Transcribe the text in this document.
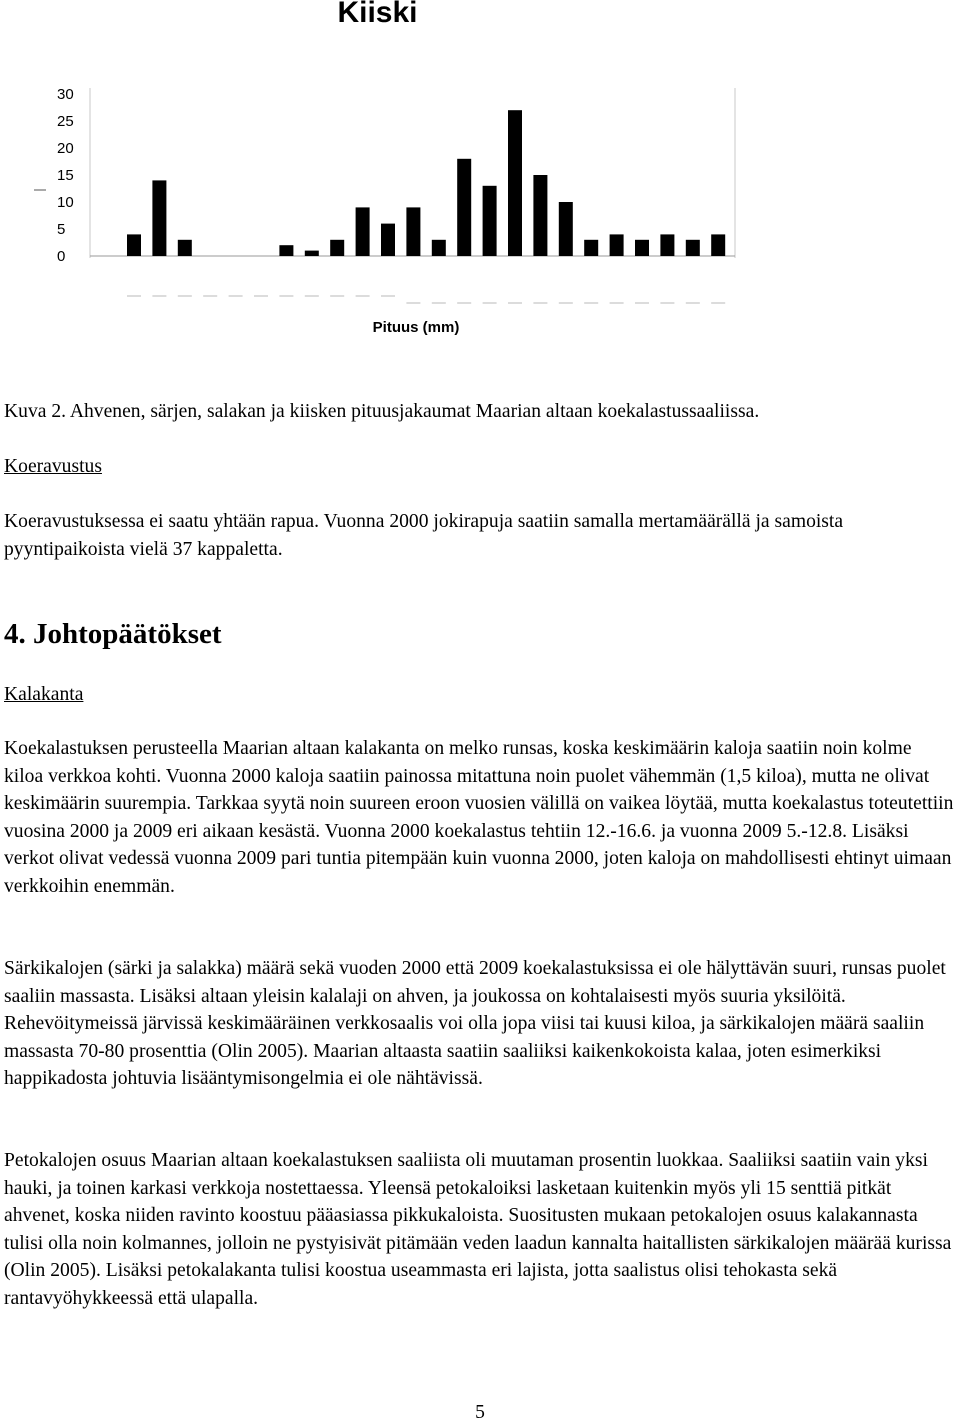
Kiiski
30
25
20
15
10
5
0
Pituus (mm)

Kuva 2. Ahvenen, särjen, salakan ja kiisken pituusjakaumat Maarian altaan koekalastussaaliissa.

Koeravustus

Koeravustuksessa ei saatu yhtään rapua. Vuonna 2000 jokirapuja saatiin samalla mertamäärällä ja samoista pyyntipaikoista vielä 37 kappaletta.

4. Johtopäätökset

Kalakanta

Koekalastuksen perusteella Maarian altaan kalakanta on melko runsas, koska keskimäärin kaloja saatiin noin kolme kiloa verkkoa kohti. Vuonna 2000 kaloja saatiin painossa mitattuna noin puolet vähemmän (1,5 kiloa), mutta ne olivat keskimäärin suurempia. Tarkkaa syytä noin suureen eroon vuosien välillä on vaikea löytää, mutta koekalastus toteutettiin vuosina 2000 ja 2009 eri aikaan kesästä. Vuonna 2000 koekalastus tehtiin 12.-16.6. ja vuonna 2009 5.-12.8. Lisäksi verkot olivat vedessä vuonna 2009 pari tuntia pitempään kuin vuonna 2000, joten kaloja on mahdollisesti ehtinyt uimaan verkkoihin enemmän.

Särkikalojen (särki ja salakka) määrä sekä vuoden 2000 että 2009 koekalastuksissa ei ole hälyttävän suuri, runsas puolet saaliin massasta. Lisäksi altaan yleisin kalalaji on ahven, ja joukossa on kohtalaisesti myös suuria yksilöitä. Rehevöitymeissä järvissä keskimääräinen verkkosaalis voi olla jopa viisi tai kuusi kiloa, ja särkikalojen määrä saaliin massasta 70-80 prosenttia (Olin 2005). Maarian altaasta saatiin saaliiksi kaikenkokoista kalaa, joten esimerkiksi happikadosta johtuvia lisääntymisongelmia ei ole nähtävissä.

Petokalojen osuus Maarian altaan koekalastuksen saaliista oli muutaman prosentin luokkaa. Saaliiksi saatiin vain yksi hauki, ja toinen karkasi verkkoja nostettaessa. Yleensä petokaloiksi lasketaan kuitenkin myös yli 15 senttiä pitkät ahvenet, koska niiden ravinto koostuu pääasiassa pikkukaloista. Suositusten mukaan petokalojen osuus kalakannasta tulisi olla noin kolmannes, jolloin ne pystyisivät pitämään veden laadun kannalta haitallisten särkikalojen määrää kurissa (Olin 2005). Lisäksi petokalakanta tulisi koostua useammasta eri lajista, jotta saalistus olisi tehokasta sekä rantavyöhykkeessä että ulapalla.

5
